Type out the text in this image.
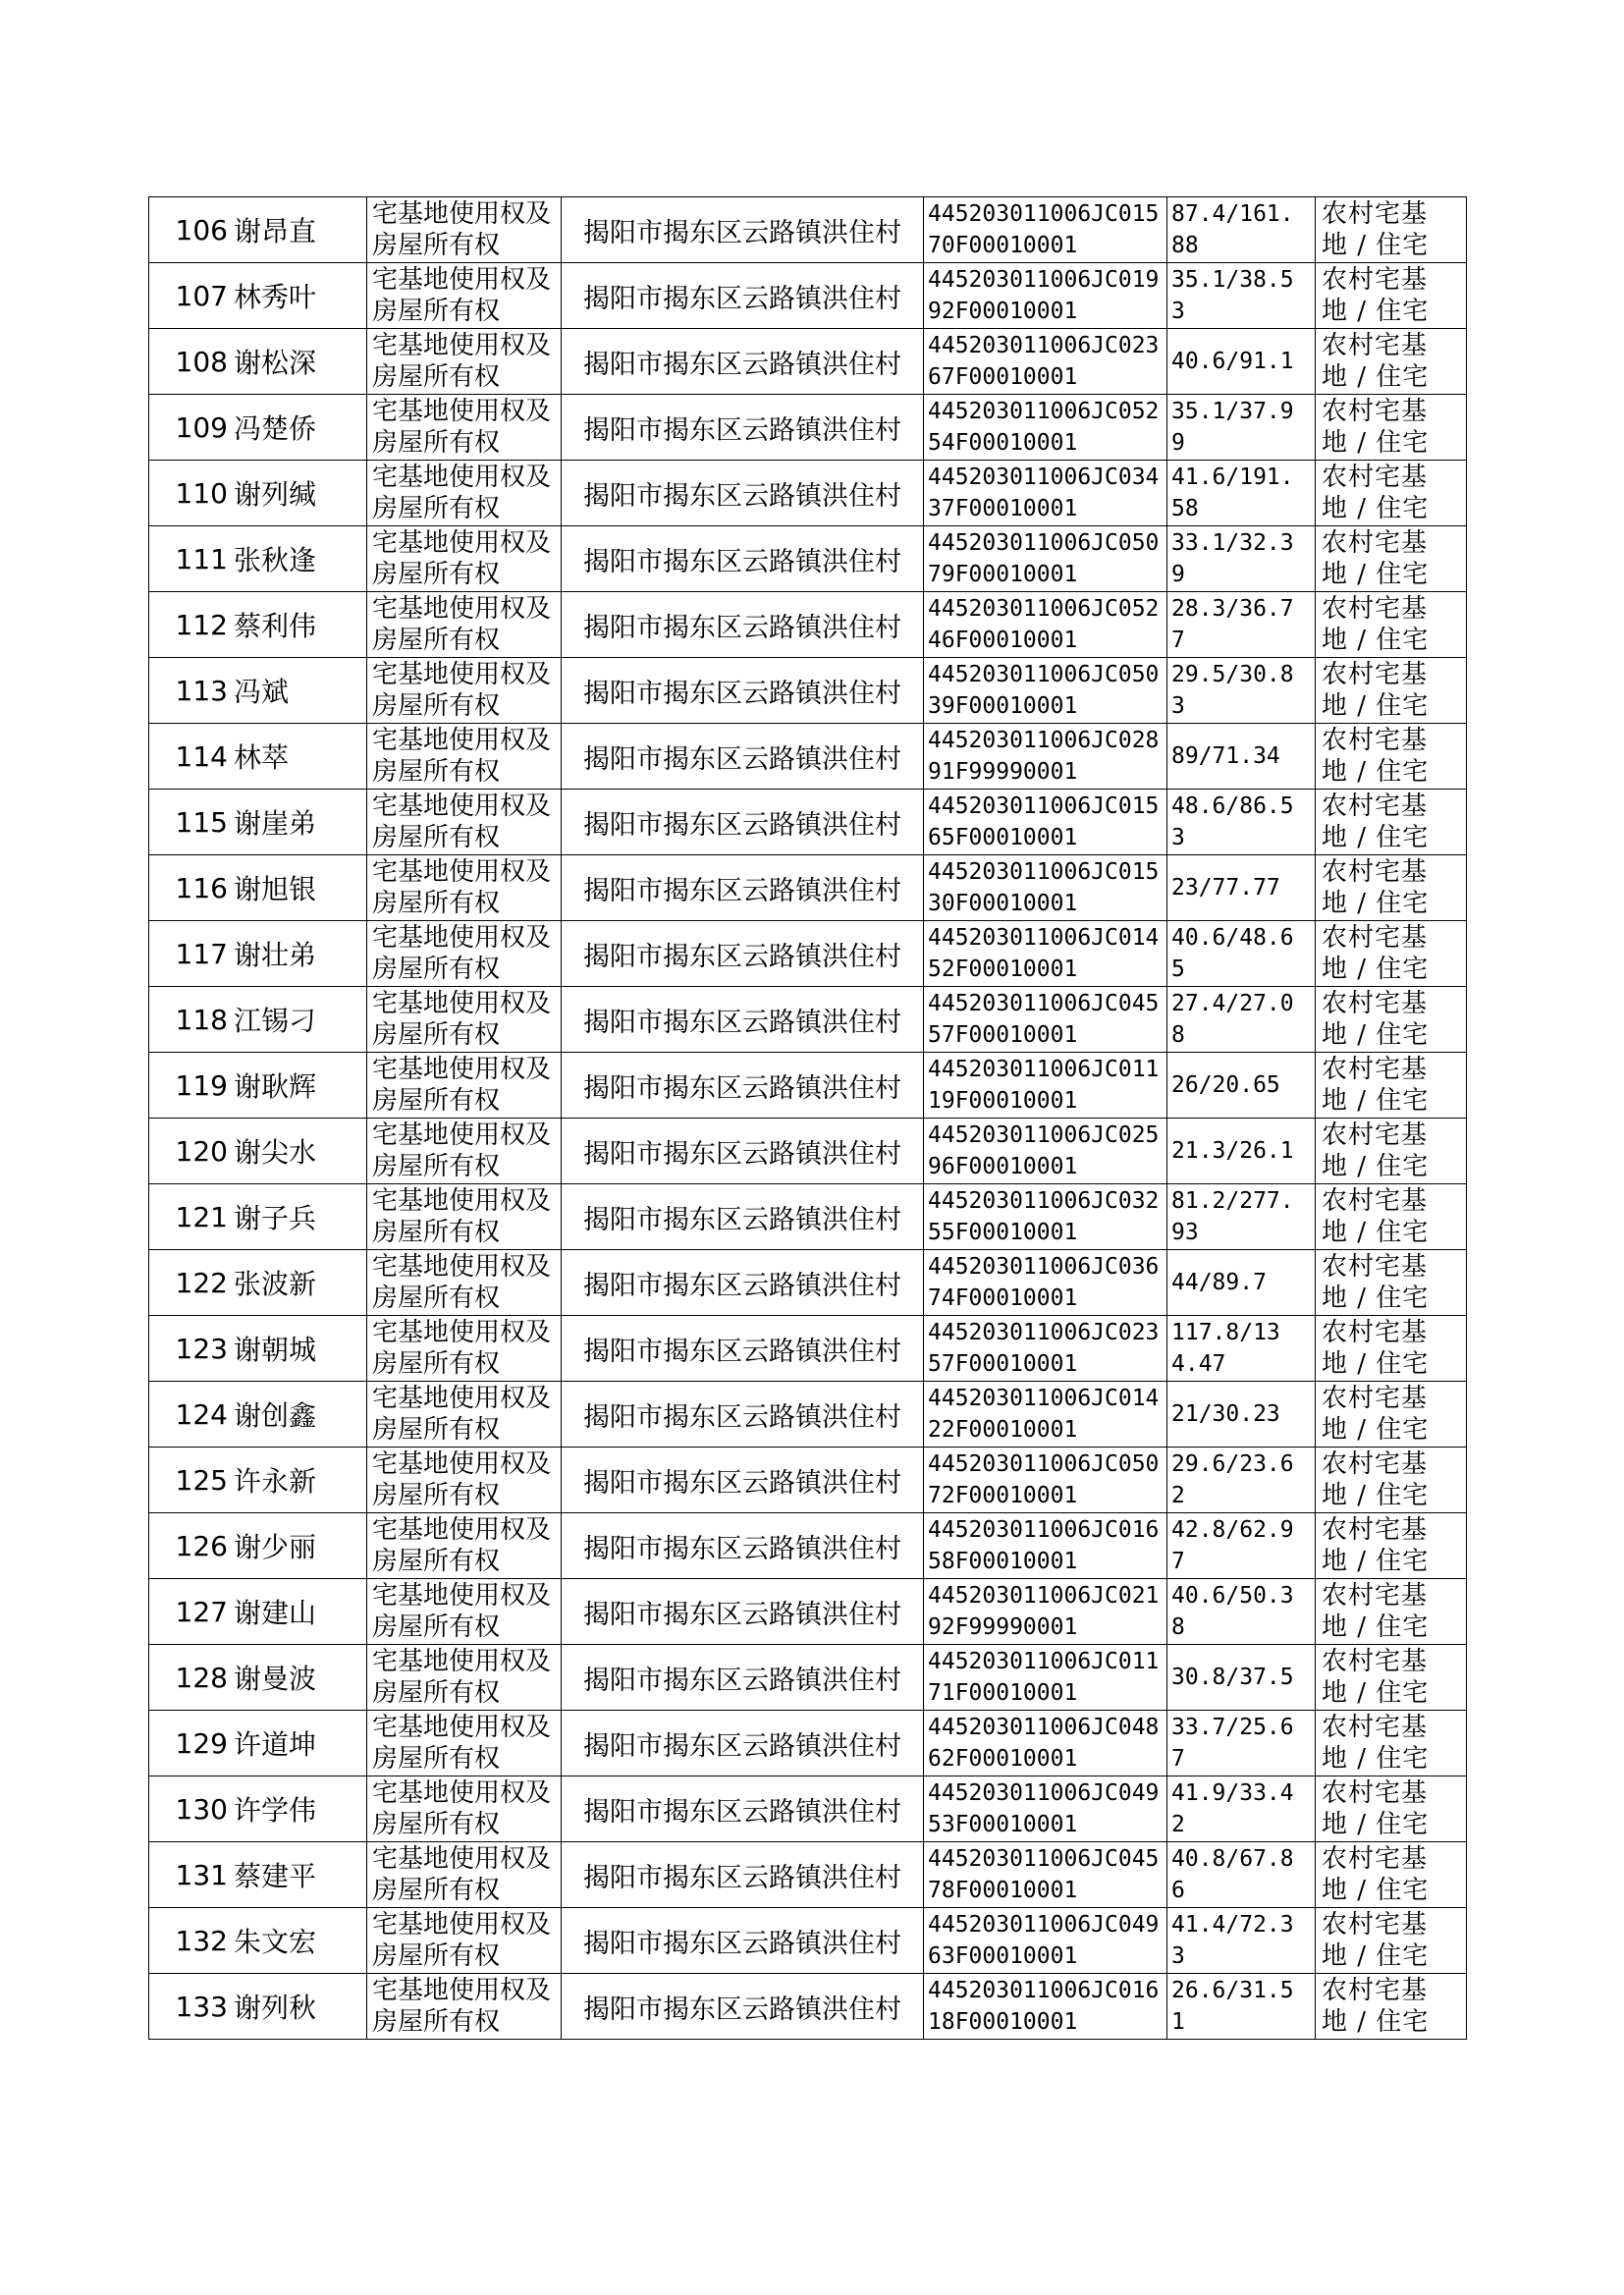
106	谢昂直	宅基地使用权及房屋所有权	揭阳市揭东区云路镇洪住村	445203011006JC01570F00010001	87.4/161.88	农村宅基地 / 住宅

107	林秀叶	宅基地使用权及房屋所有权	揭阳市揭东区云路镇洪住村	445203011006JC01992F00010001	35.1/38.53	农村宅基地 / 住宅

108	谢松深	宅基地使用权及房屋所有权	揭阳市揭东区云路镇洪住村	445203011006JC02367F00010001	40.6/91.1	农村宅基地 / 住宅

109	冯楚侨	宅基地使用权及房屋所有权	揭阳市揭东区云路镇洪住村	445203011006JC05254F00010001	35.1/37.99	农村宅基地 / 住宅

110	谢列缄	宅基地使用权及房屋所有权	揭阳市揭东区云路镇洪住村	445203011006JC03437F00010001	41.6/191.58	农村宅基地 / 住宅

111	张秋逢	宅基地使用权及房屋所有权	揭阳市揭东区云路镇洪住村	445203011006JC05079F00010001	33.1/32.39	农村宅基地 / 住宅

112	蔡利伟	宅基地使用权及房屋所有权	揭阳市揭东区云路镇洪住村	445203011006JC05246F00010001	28.3/36.77	农村宅基地 / 住宅

113	冯斌	宅基地使用权及房屋所有权	揭阳市揭东区云路镇洪住村	445203011006JC05039F00010001	29.5/30.83	农村宅基地 / 住宅

114	林萃	宅基地使用权及房屋所有权	揭阳市揭东区云路镇洪住村	445203011006JC02891F99990001	89/71.34	农村宅基地 / 住宅

115	谢崖弟	宅基地使用权及房屋所有权	揭阳市揭东区云路镇洪住村	445203011006JC01565F00010001	48.6/86.53	农村宅基地 / 住宅

116	谢旭银	宅基地使用权及房屋所有权	揭阳市揭东区云路镇洪住村	445203011006JC01530F00010001	23/77.77	农村宅基地 / 住宅

117	谢壮弟	宅基地使用权及房屋所有权	揭阳市揭东区云路镇洪住村	445203011006JC01452F00010001	40.6/48.65	农村宅基地 / 住宅

118	江锡刁	宅基地使用权及房屋所有权	揭阳市揭东区云路镇洪住村	445203011006JC04557F00010001	27.4/27.08	农村宅基地 / 住宅

119	谢耿辉	宅基地使用权及房屋所有权	揭阳市揭东区云路镇洪住村	445203011006JC01119F00010001	26/20.65	农村宅基地 / 住宅

120	谢尖水	宅基地使用权及房屋所有权	揭阳市揭东区云路镇洪住村	445203011006JC02596F00010001	21.3/26.1	农村宅基地 / 住宅

121	谢子兵	宅基地使用权及房屋所有权	揭阳市揭东区云路镇洪住村	445203011006JC03255F00010001	81.2/277.93	农村宅基地 / 住宅

122	张波新	宅基地使用权及房屋所有权	揭阳市揭东区云路镇洪住村	445203011006JC03674F00010001	44/89.7	农村宅基地 / 住宅

123	谢朝城	宅基地使用权及房屋所有权	揭阳市揭东区云路镇洪住村	445203011006JC02357F00010001	117.8/134.47	农村宅基地 / 住宅

124	谢创鑫	宅基地使用权及房屋所有权	揭阳市揭东区云路镇洪住村	445203011006JC01422F00010001	21/30.23	农村宅基地 / 住宅

125	许永新	宅基地使用权及房屋所有权	揭阳市揭东区云路镇洪住村	445203011006JC05072F00010001	29.6/23.62	农村宅基地 / 住宅

126	谢少丽	宅基地使用权及房屋所有权	揭阳市揭东区云路镇洪住村	445203011006JC01658F00010001	42.8/62.97	农村宅基地 / 住宅

127	谢建山	宅基地使用权及房屋所有权	揭阳市揭东区云路镇洪住村	445203011006JC02192F99990001	40.6/50.38	农村宅基地 / 住宅

128	谢曼波	宅基地使用权及房屋所有权	揭阳市揭东区云路镇洪住村	445203011006JC01171F00010001	30.8/37.5	农村宅基地 / 住宅

129	许道坤	宅基地使用权及房屋所有权	揭阳市揭东区云路镇洪住村	445203011006JC04862F00010001	33.7/25.67	农村宅基地 / 住宅

130	许学伟	宅基地使用权及房屋所有权	揭阳市揭东区云路镇洪住村	445203011006JC04953F00010001	41.9/33.42	农村宅基地 / 住宅

131	蔡建平	宅基地使用权及房屋所有权	揭阳市揭东区云路镇洪住村	445203011006JC04578F00010001	40.8/67.86	农村宅基地 / 住宅

132	朱文宏	宅基地使用权及房屋所有权	揭阳市揭东区云路镇洪住村	445203011006JC04963F00010001	41.4/72.33	农村宅基地 / 住宅

133	谢列秋	宅基地使用权及房屋所有权	揭阳市揭东区云路镇洪住村	445203011006JC01618F00010001	26.6/31.51	农村宅基地 / 住宅
